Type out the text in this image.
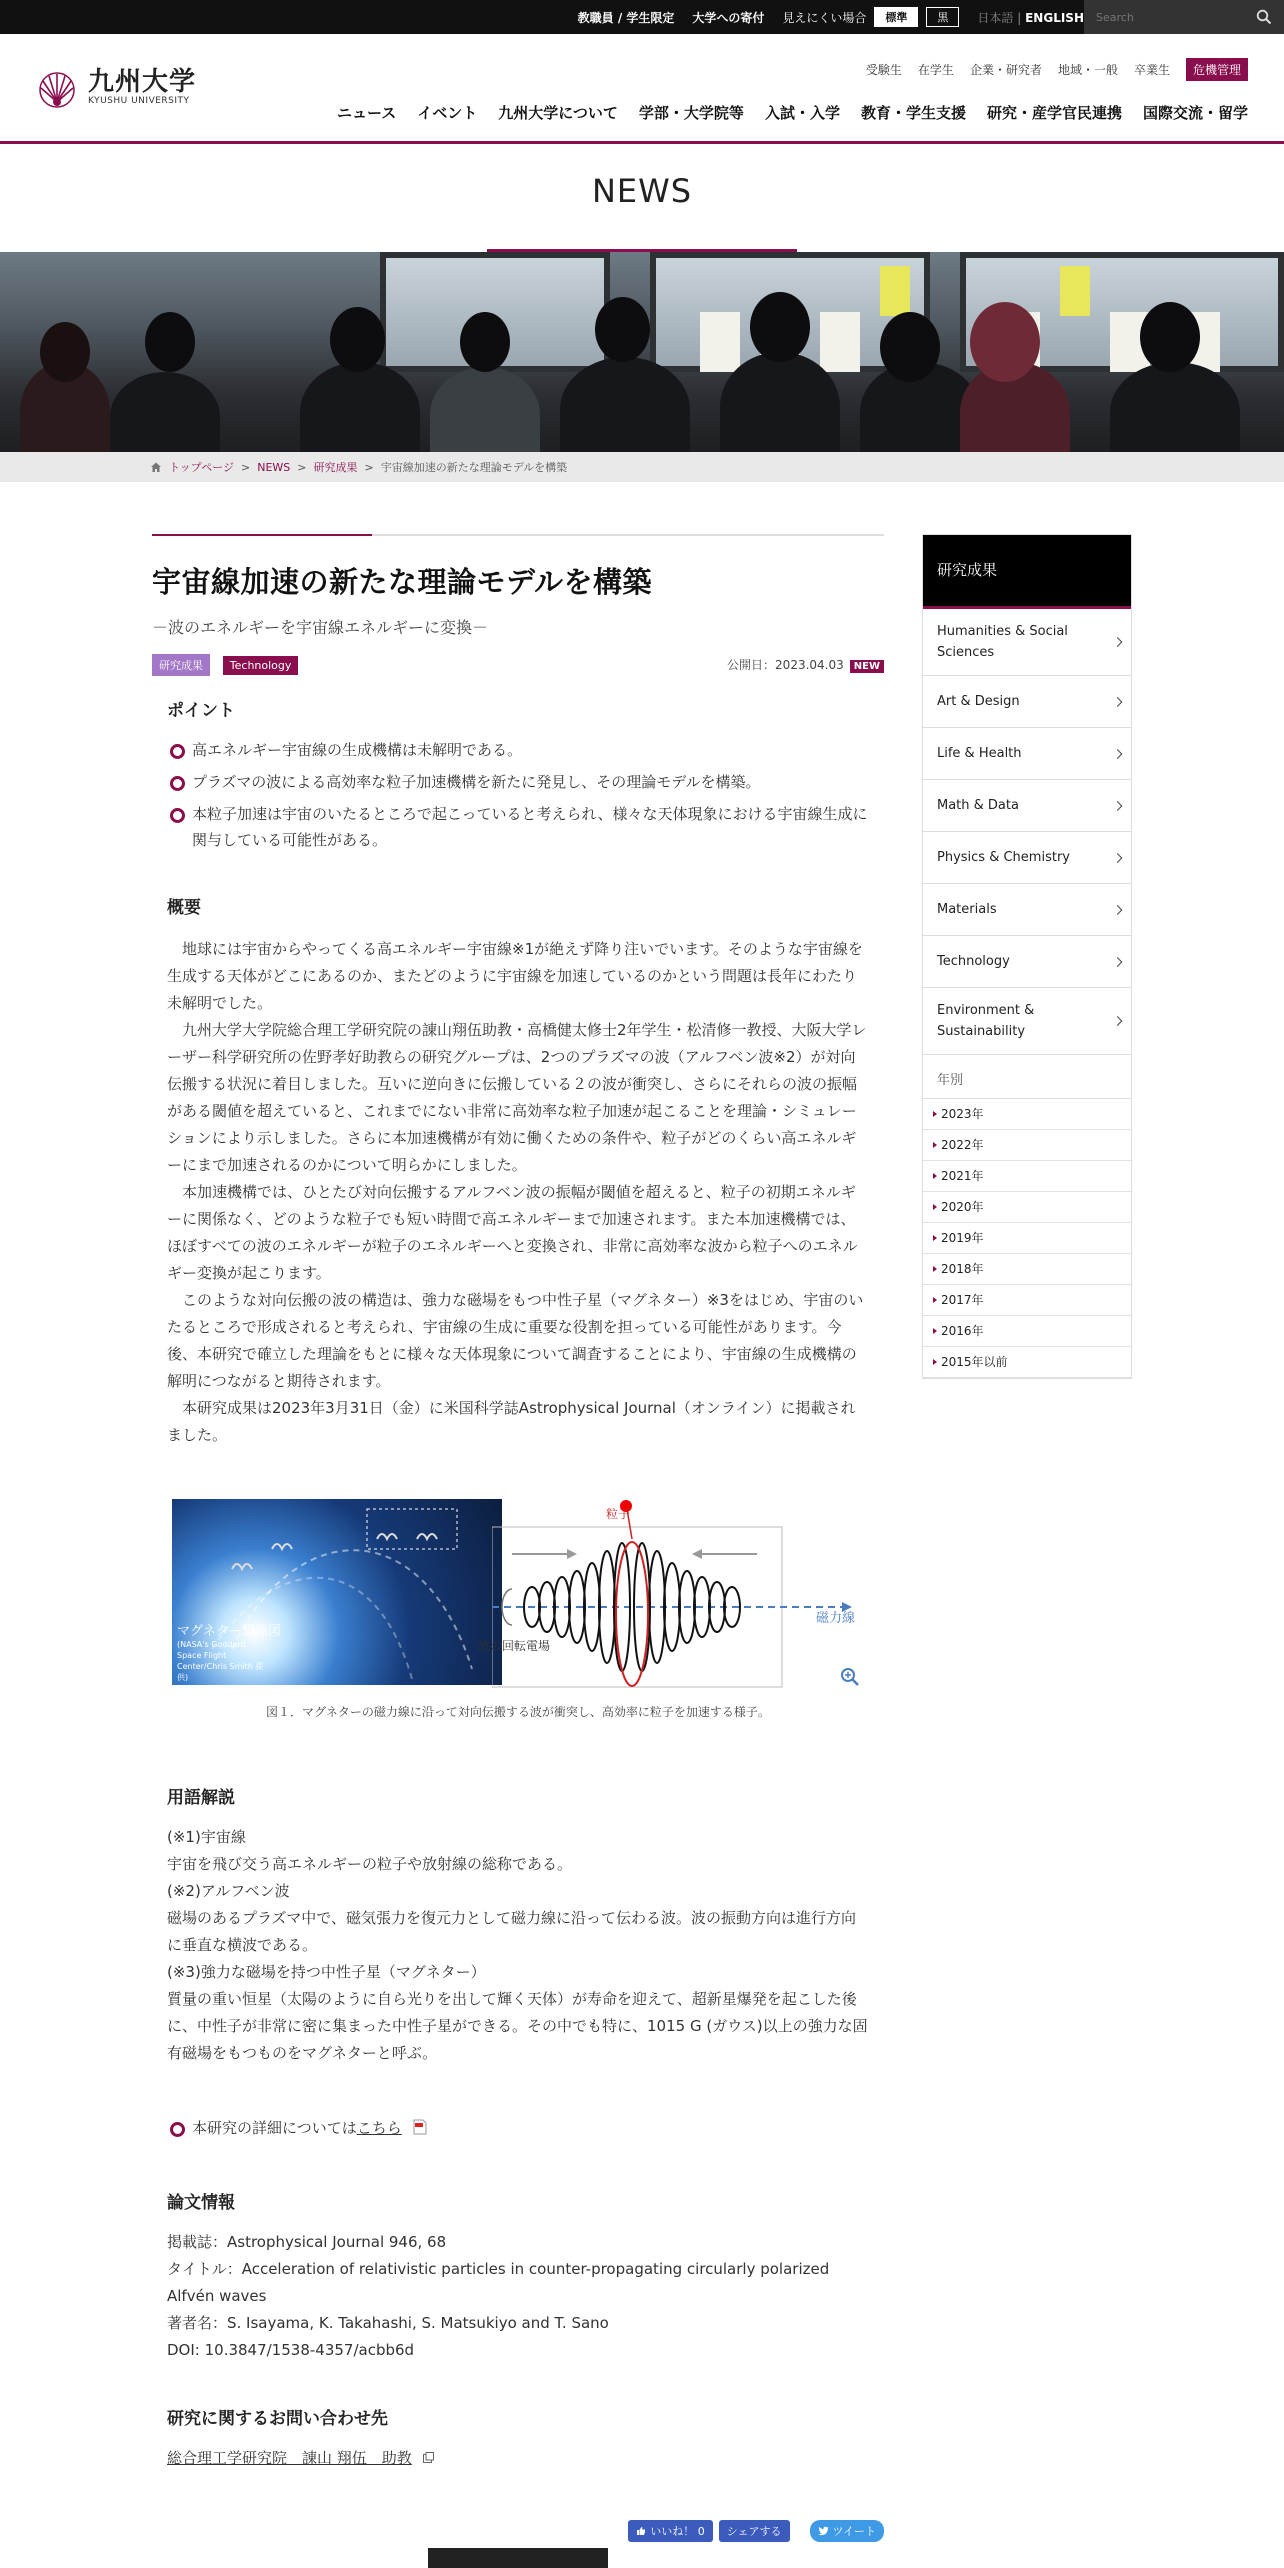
教職員 / 学生限定 大学への寄付 見えにくい場合	標準	黒	日本語 | ENGLISH
Search
九州大学
KYUSHU UNIVERSITY
受験生 在学生 企業・研究者 地域・一般 卒業生	危機管理
ニュース イベント 九州大学について 学部・大学院等 入試・入学 教育・学生支援 研究・産学官民連携 国際交流・留学
NEWS
トップページ > NEWS > 研究成果 > 宇宙線加速の新たな理論モデルを構築
宇宙線加速の新たな理論モデルを構築
－波のエネルギーを宇宙線エネルギーに変換－
研究成果 Technology	公開日：2023.04.03 NEW
ポイント
高エネルギー宇宙線の生成機構は未解明である。
プラズマの波による高効率な粒子加速機構を新たに発見し、その理論モデルを構築。
本粒子加速は宇宙のいたるところで起こっていると考えられ、様々な天体現象における宇宙線生成に関与している可能性がある。
概要

地球には宇宙からやってくる高エネルギー宇宙線※1が絶えず降り注いでいます。そのような宇宙線を生成する天体がどこにあるのか、またどのように宇宙線を加速しているのかという問題は長年にわたり未解明でした。

九州大学大学院総合理工学研究院の諌山翔伍助教・高橋健太修士2年学生・松清修一教授、大阪大学レーザー科学研究所の佐野孝好助教らの研究グループは、2つのプラズマの波（アルフベン波※2）が対向伝搬する状況に着目しました。互いに逆向きに伝搬している２の波が衝突し、さらにそれらの波の振幅がある閾値を超えていると、これまでにない非常に高効率な粒子加速が起こることを理論・シミュレーションにより示しました。さらに本加速機構が有効に働くための条件や、粒子がどのくらい高エネルギーにまで加速されるのかについて明らかにしました。

本加速機構では、ひとたび対向伝搬するアルフベン波の振幅が閾値を超えると、粒子の初期エネルギーに関係なく、どのような粒子でも短い時間で高エネルギーまで加速されます。また本加速機構では、ほぼすべての波のエネルギーが粒子のエネルギーへと変換され、非常に高効率な波から粒子へのエネルギー変換が起こります。

このような対向伝搬の波の構造は、強力な磁場をもつ中性子星（マグネター）※3をはじめ、宇宙のいたるところで形成されると考えられ、宇宙線の生成に重要な役割を担っている可能性があります。今後、本研究で確立した理論をもとに様々な天体現象について調査することにより、宇宙線の生成機構の解明につながると期待されます。

本研究成果は2023年3月31日（金）に米国科学誌Astrophysical Journal（オンライン）に掲載されました。

マグネター想像図
(NASA's Goddard Space Flight Center/Chris Smith 提供)
粒子
磁力線
波の回転電場
図１．マグネターの磁力線に沿って対向伝搬する波が衝突し、高効率に粒子を加速する様子。
用語解説
(※1)宇宙線
宇宙を飛び交う高エネルギーの粒子や放射線の総称である。
(※2)アルフベン波
磁場のあるプラズマ中で、磁気張力を復元力として磁力線に沿って伝わる波。波の振動方向は進行方向に垂直な横波である。
(※3)強力な磁場を持つ中性子星（マグネター）
質量の重い恒星（太陽のように自ら光りを出して輝く天体）が寿命を迎えて、超新星爆発を起こした後に、中性子が非常に密に集まった中性子星ができる。その中でも特に、1015 G (ガウス)以上の強力な固有磁場をもつものをマグネターと呼ぶ。
本研究の詳細についてはこちら
論文情報
掲載誌：Astrophysical Journal 946, 68
タイトル：Acceleration of relativistic particles in counter-propagating circularly polarized Alfvén waves
著者名：S. Isayama, K. Takahashi, S. Matsukiyo and T. Sano
DOI: 10.3847/1538-4357/acbb6d
研究に関するお問い合わせ先
総合理工学研究院　諌山 翔伍　助教
いいね！ 0	シェアする	ツイート
研究成果
Humanities & Social Sciences
Art & Design
Life & Health
Math & Data
Physics & Chemistry
Materials
Technology
Environment & Sustainability
年別
2023年
2022年
2021年
2020年
2019年
2018年
2017年
2016年
2015年以前
